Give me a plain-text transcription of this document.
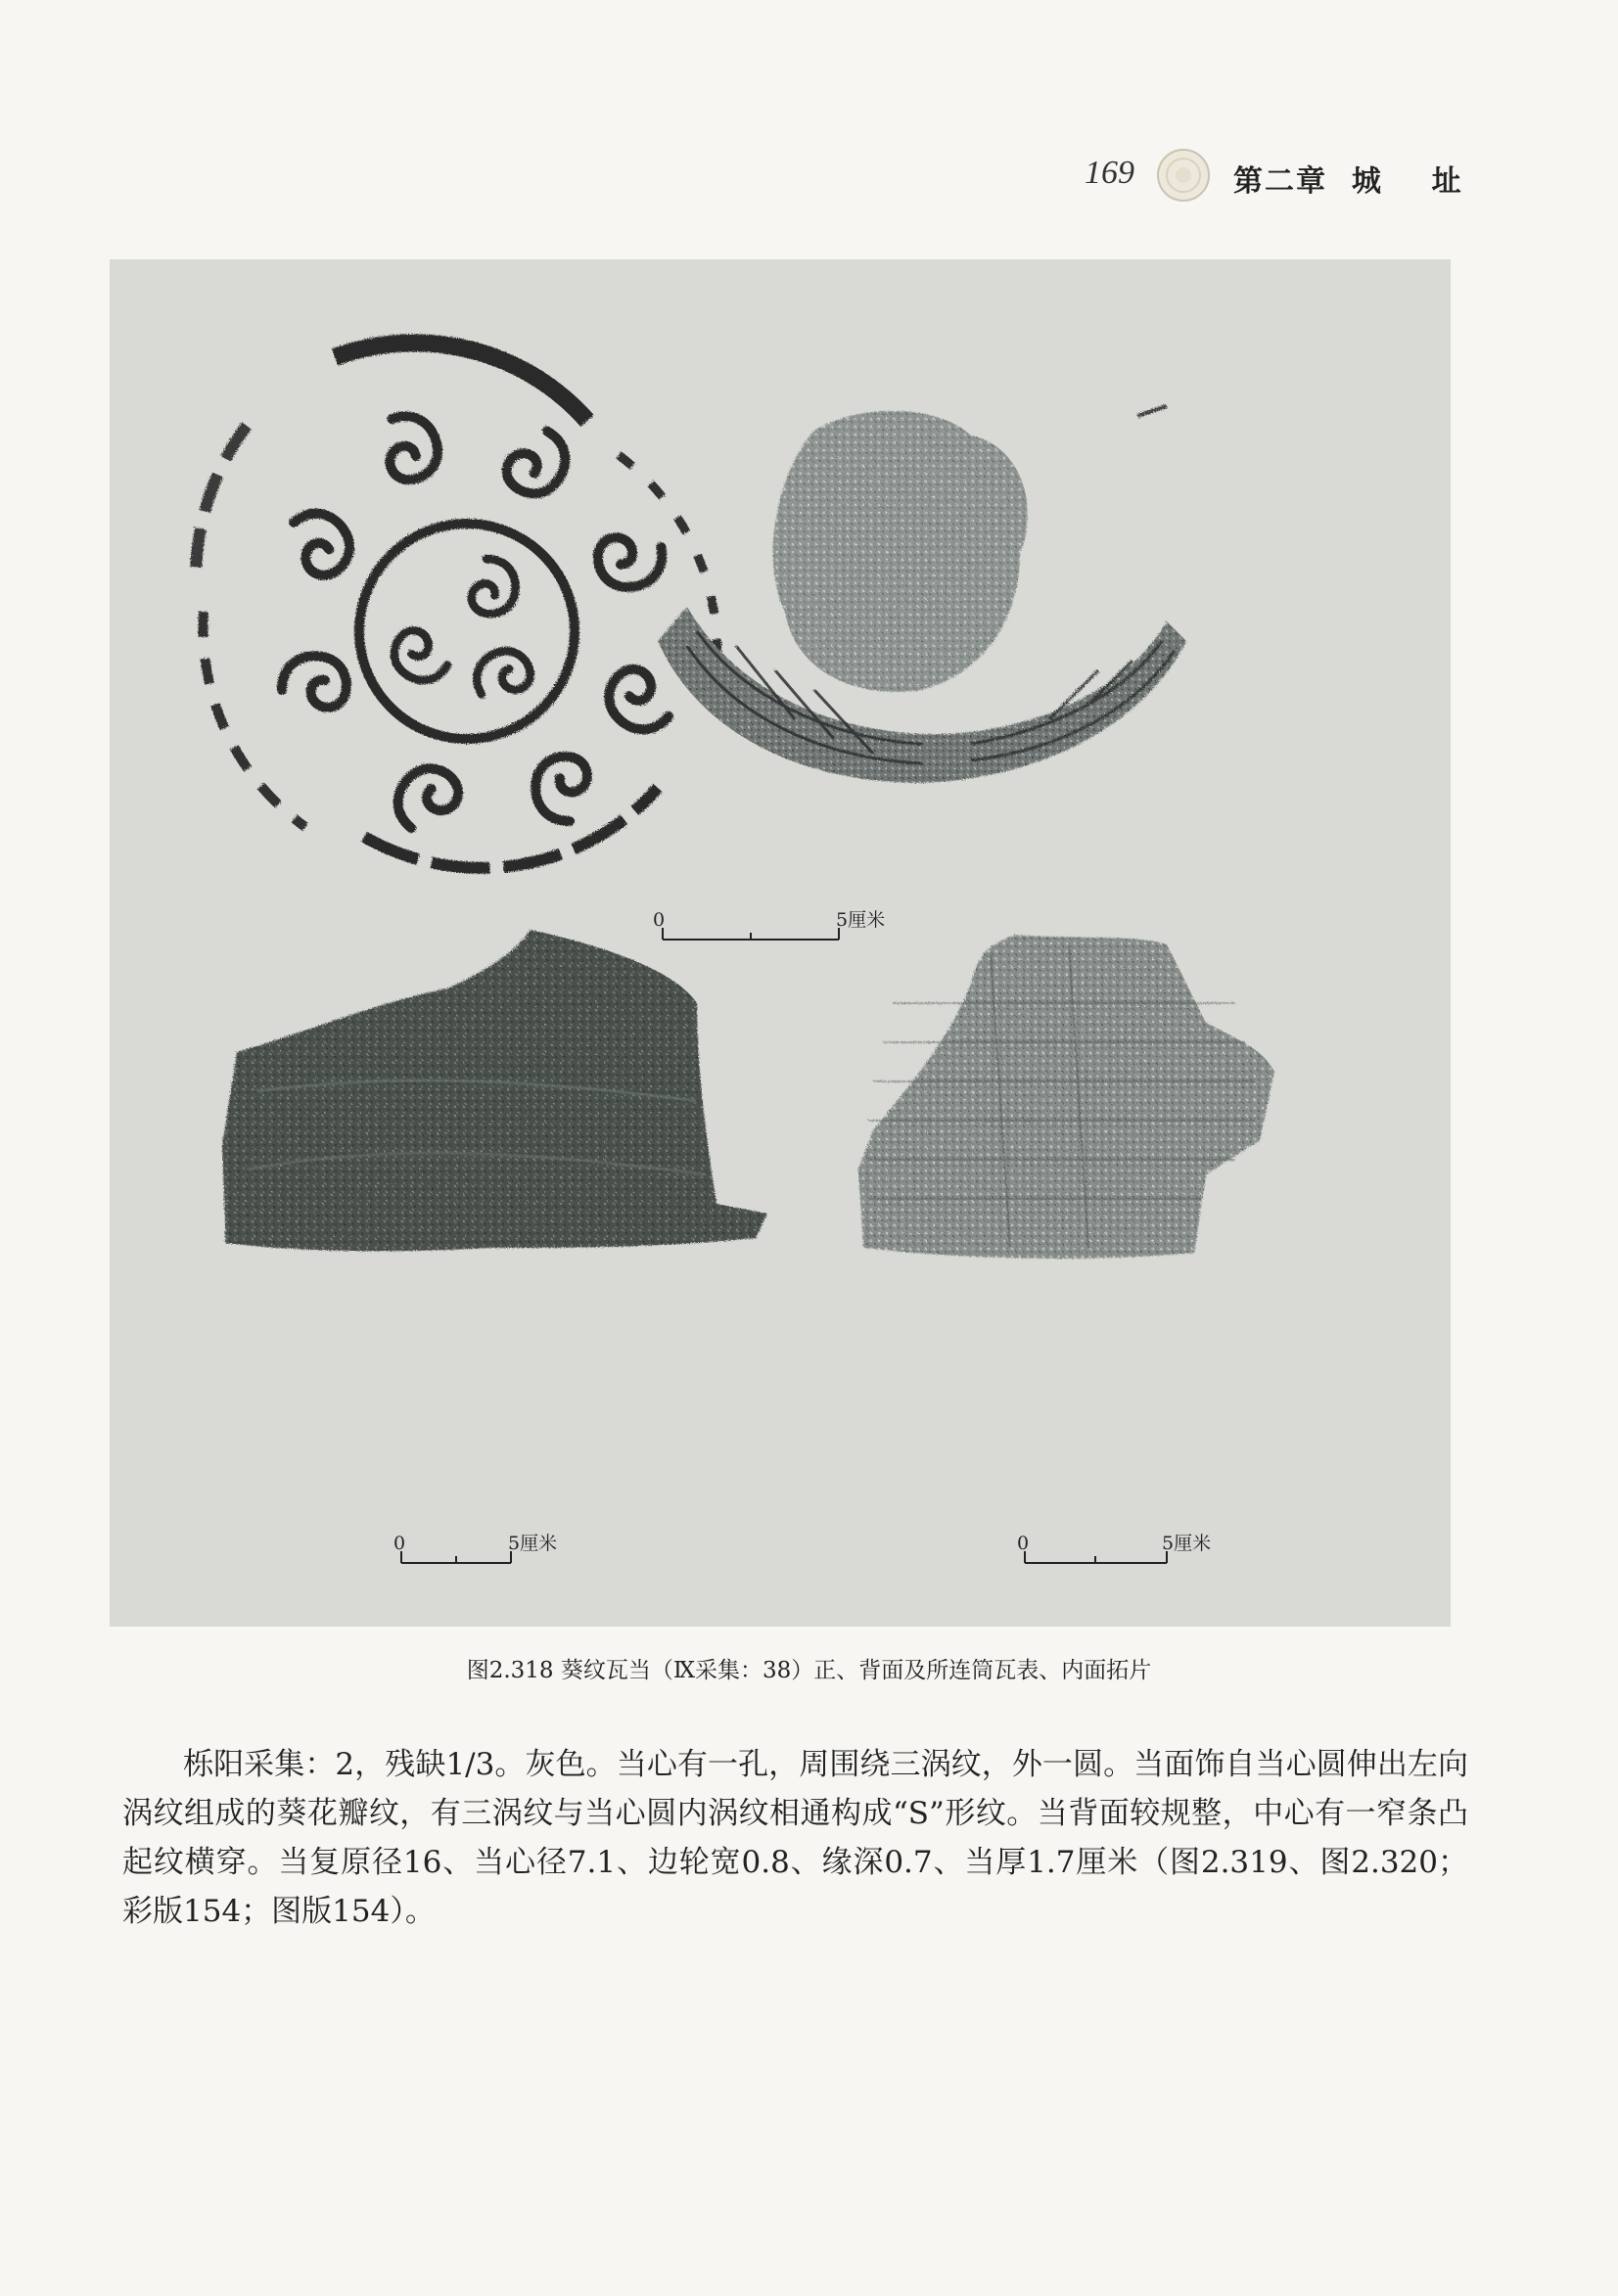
169	第二章  城    址
0	5厘米
0	5厘米	0	5厘米
图2.318 葵纹瓦当（Ⅸ采集：38）正、背面及所连筒瓦表、内面拓片

栎阳采集：2，残缺1/3。灰色。当心有一孔，周围绕三涡纹，外一圆。当面饰自当心圆伸出左向涡纹组成的葵花瓣纹，有三涡纹与当心圆内涡纹相通构成“S”形纹。当背面较规整，中心有一窄条凸起纹横穿。当复原径16、当心径7.1、边轮宽0.8、缘深0.7、当厚1.7厘米（图2.319、图2.320；彩版154；图版154）。
